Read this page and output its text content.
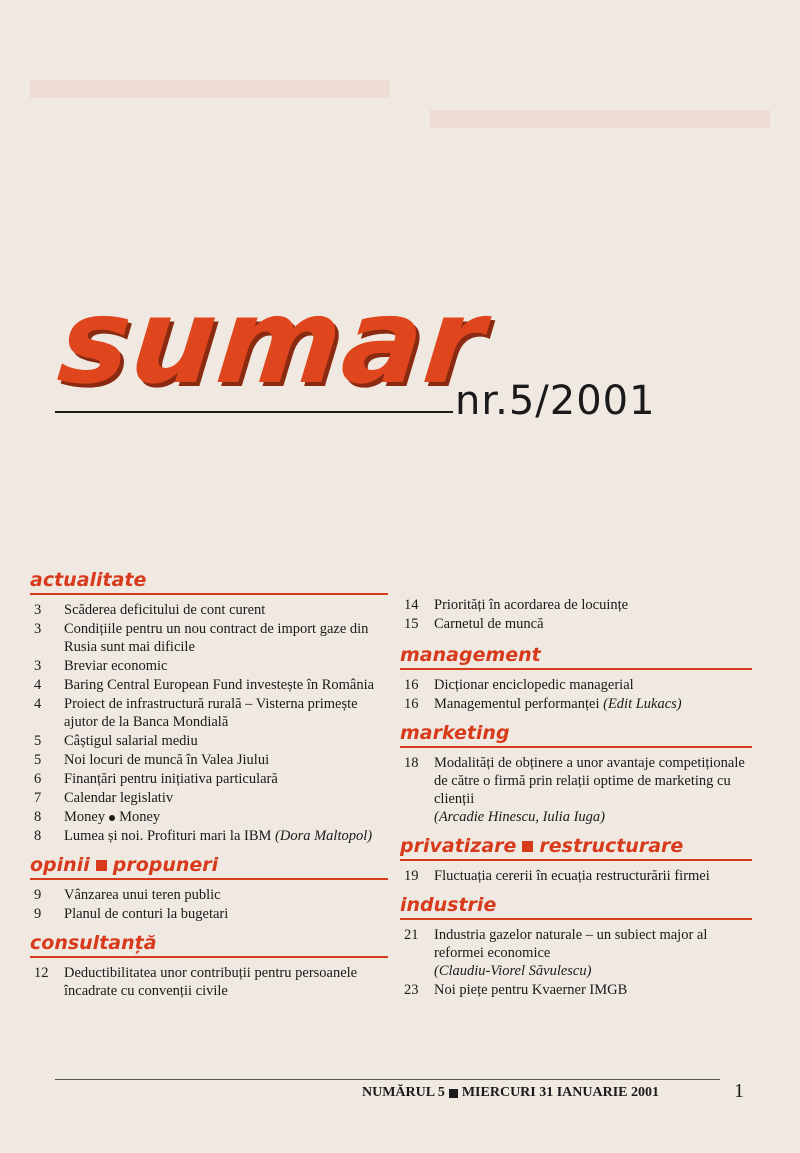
sumar
nr.5/2001
actualitate
3	Scăderea deficitului de cont curent
3	Condițiile pentru un nou contract de import gaze din Rusia sunt mai dificile
3	Breviar economic
4	Baring Central European Fund investește în România
4	Proiect de infrastructură rurală – Visterna primește ajutor de la Banca Mondială
5	Câștigul salarial mediu
5	Noi locuri de muncă în Valea Jiului
6	Finanțări pentru inițiativa particulară
7	Calendar legislativ
8	Money Money
8	Lumea și noi. Profituri mari la IBM (Dora Maltopol)
opinii propuneri
9	Vânzarea unui teren public
9	Planul de conturi la bugetari
consultanță
12	Deductibilitatea unor contribuții pentru persoanele încadrate cu convenții civile
14	Priorități în acordarea de locuințe
15	Carnetul de muncă
management
16	Dicționar enciclopedic managerial
16	Managementul performanței (Edit Lukacs)
marketing
18	Modalități de obținere a unor avantaje competiționale de către o firmă prin relații optime de marketing cu clienții
(Arcadie Hinescu, Iulia Iuga)
privatizare restructurare
19	Fluctuația cererii în ecuația restructurării firmei
industrie
21	Industria gazelor naturale – un subiect major al reformei economice
(Claudiu-Viorel Săvulescu)
23	Noi piețe pentru Kvaerner IMGB
NUMĂRUL 5 MIERCURI 31 IANUARIE 2001	1
